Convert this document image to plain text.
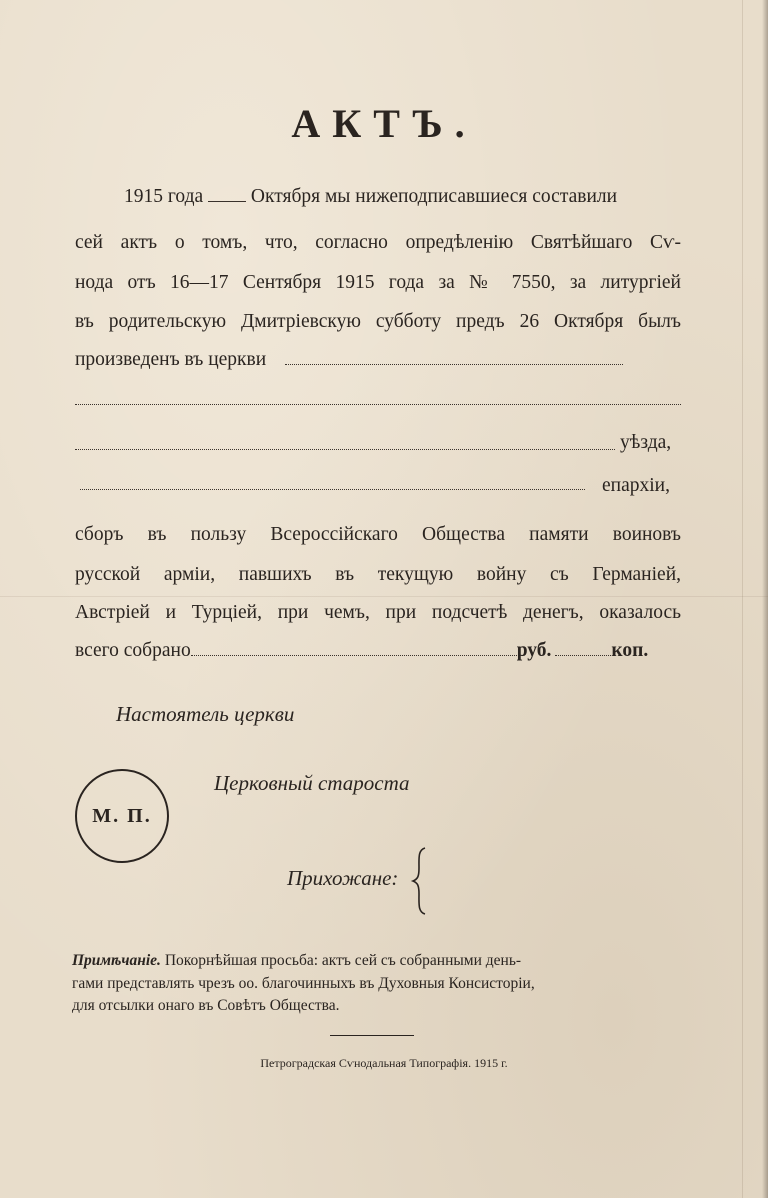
АКТЪ.
1915 года Октября мы нижеподписавшиеся составили
сей актъ о томъ, что, согласно опредѣленію Святѣйшаго Сѵ-
нода отъ 16—17 Сентября 1915 года за № 7550, за литургіей
въ родительскую Дмитріевскую субботу предъ 26 Октября былъ
произведенъ въ церкви
уѣзда,
епархіи,
сборъ въ пользу Всероссійскаго Общества памяти воиновъ
русской арміи, павшихъ въ текущую войну съ Германіей,
Австріей и Турціей, при чемъ, при подсчетѣ денегъ, оказалось
всего собрано	руб.	коп.
Настоятель церкви
Церковный староста
М. П.
Прихожане:
Примѣчаніе. Покорнѣйшая просьба: актъ сей съ собранными день-
гами представлять чрезъ оо. благочинныхъ въ Духовныя Консисторіи,
для отсылки онаго въ Совѣтъ Общества.
Петроградская Сѵнодальная Типографія. 1915 г.
